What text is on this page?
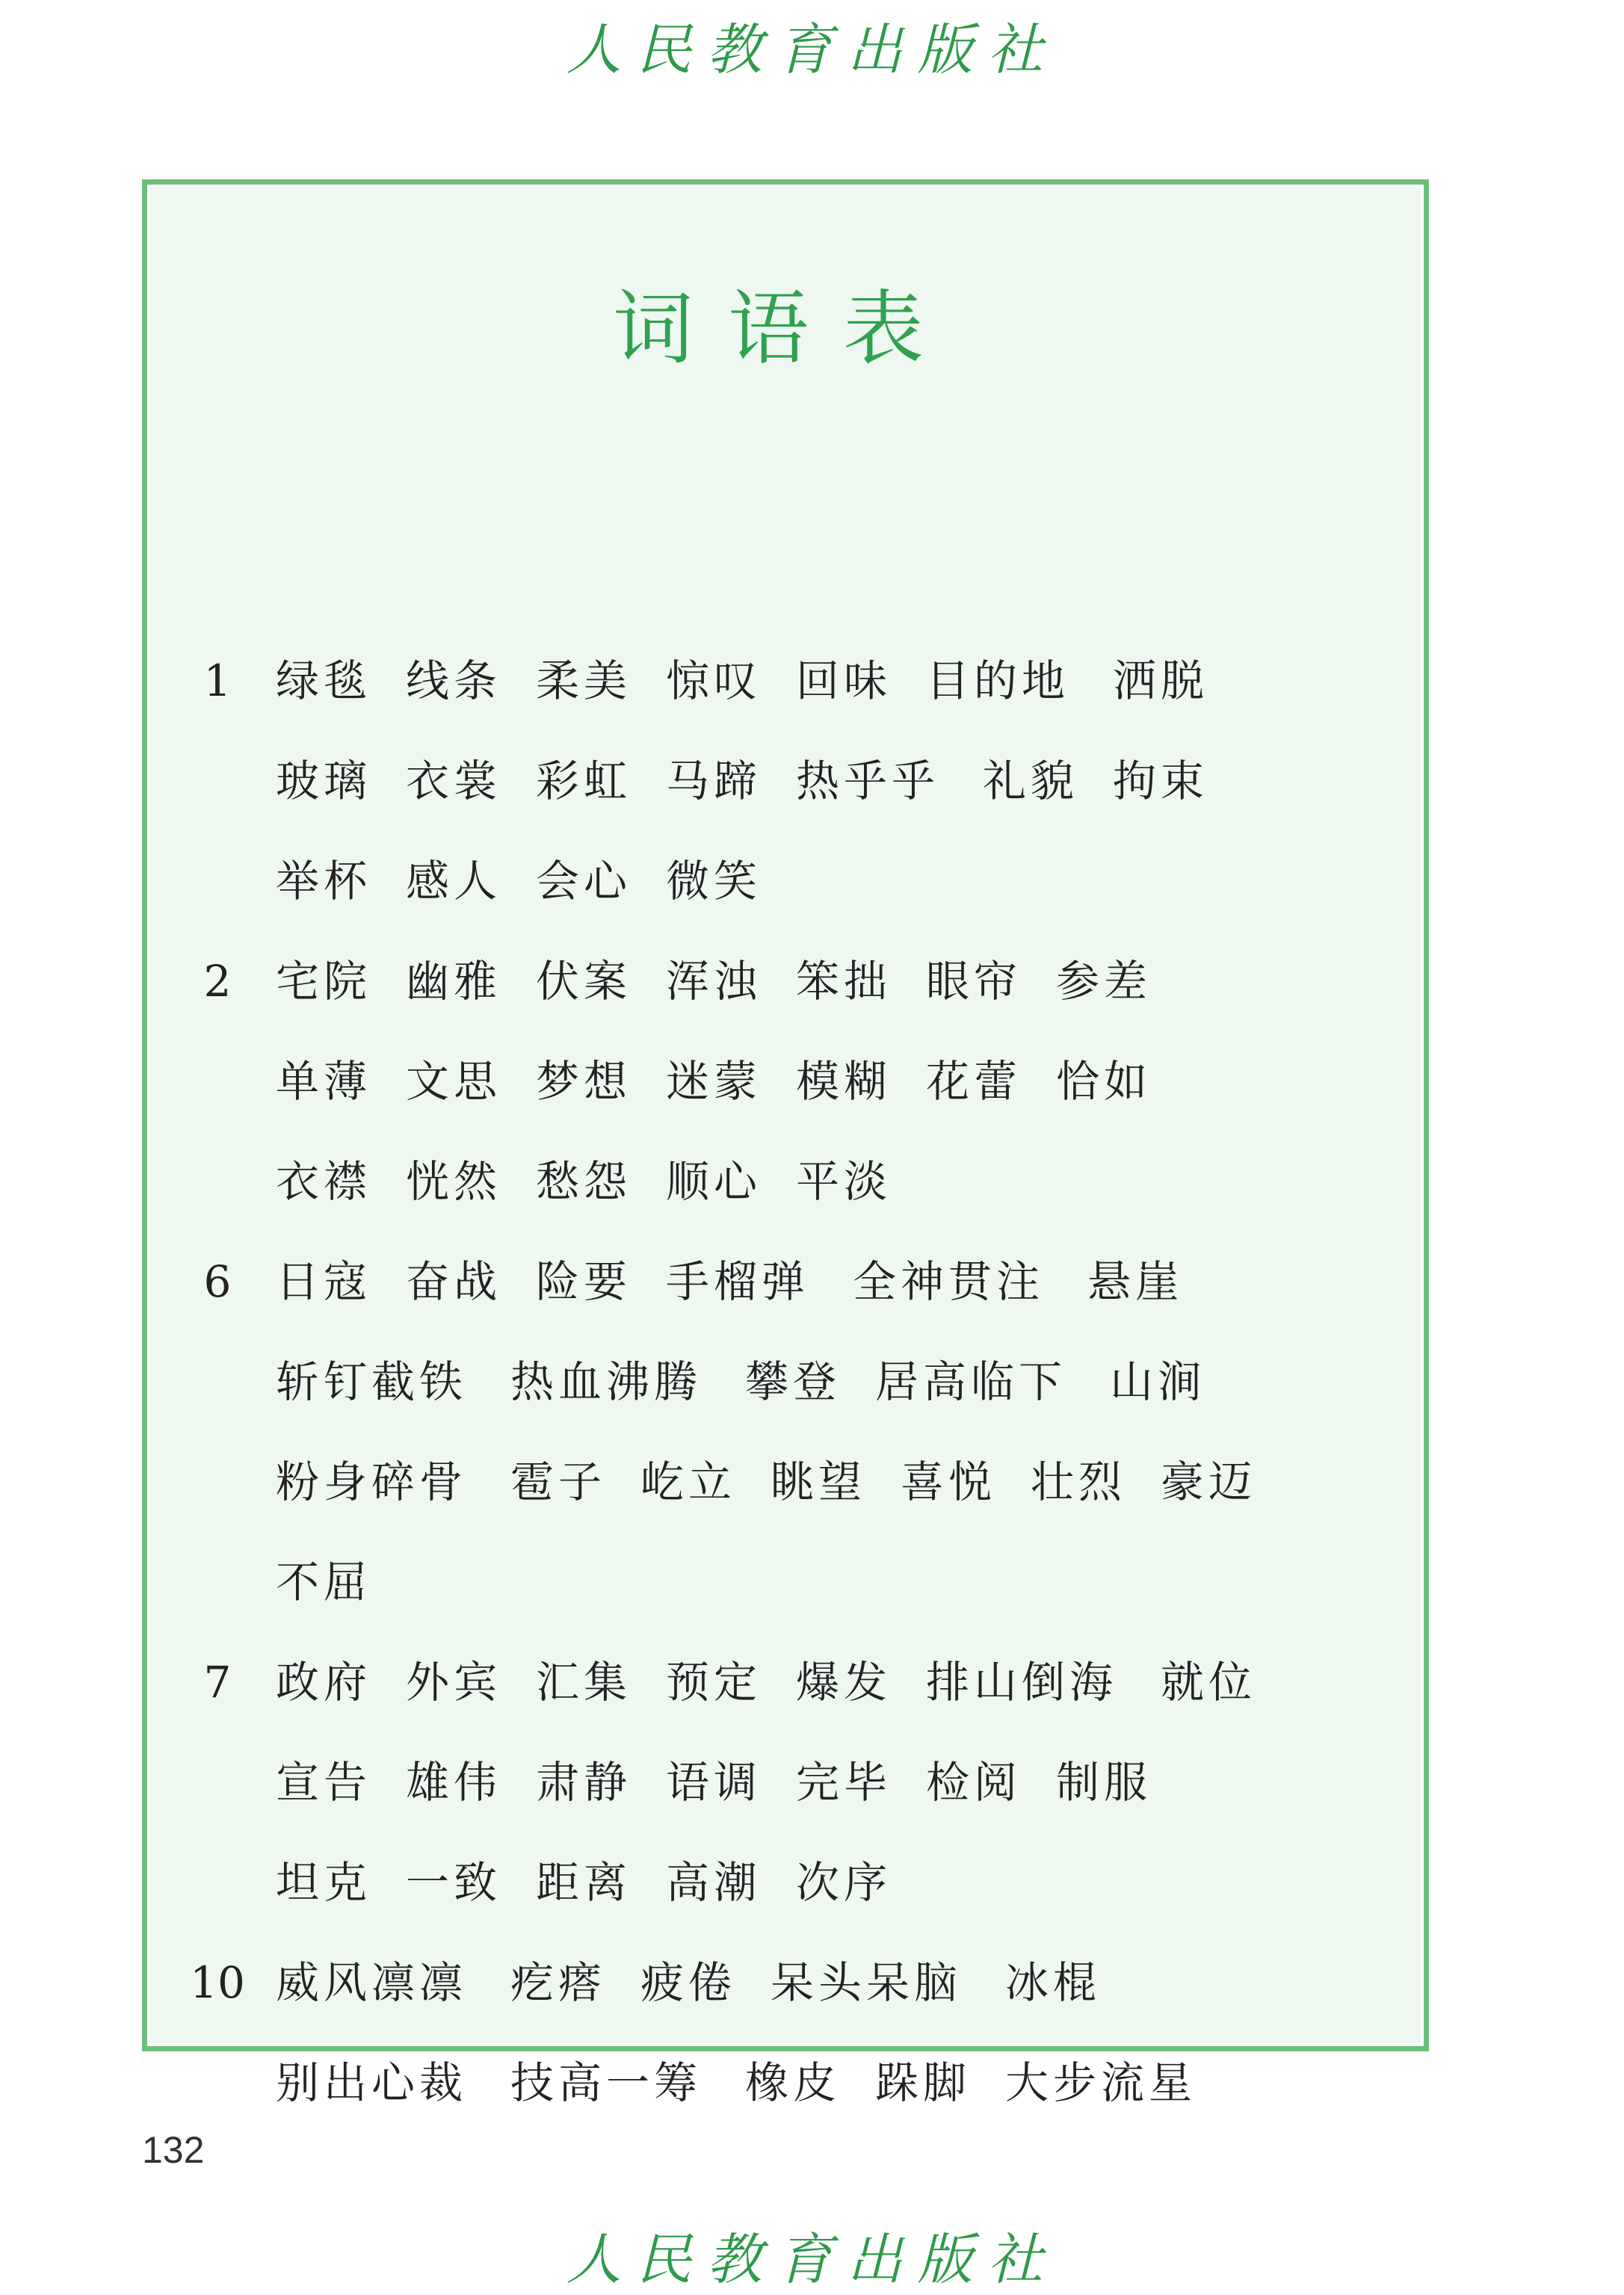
人民教育出版社
词语表
1	绿毯 线条 柔美 惊叹 回味 目的地 洒脱
玻璃 衣裳 彩虹 马蹄 热乎乎 礼貌 拘束
举杯 感人 会心 微笑
2	宅院 幽雅 伏案 浑浊 笨拙 眼帘 参差
单薄 文思 梦想 迷蒙 模糊 花蕾 恰如
衣襟 恍然 愁怨 顺心 平淡
6	日寇 奋战 险要 手榴弹 全神贯注 悬崖
斩钉截铁 热血沸腾 攀登 居高临下 山涧
粉身碎骨 雹子 屹立 眺望 喜悦 壮烈 豪迈
不屈
7	政府 外宾 汇集 预定 爆发 排山倒海 就位
宣告 雄伟 肃静 语调 完毕 检阅 制服
坦克 一致 距离 高潮 次序
10 威风凛凛 疙瘩 疲倦 呆头呆脑 冰棍
别出心裁 技高一筹 橡皮 跺脚 大步流星
132
人民教育出版社
